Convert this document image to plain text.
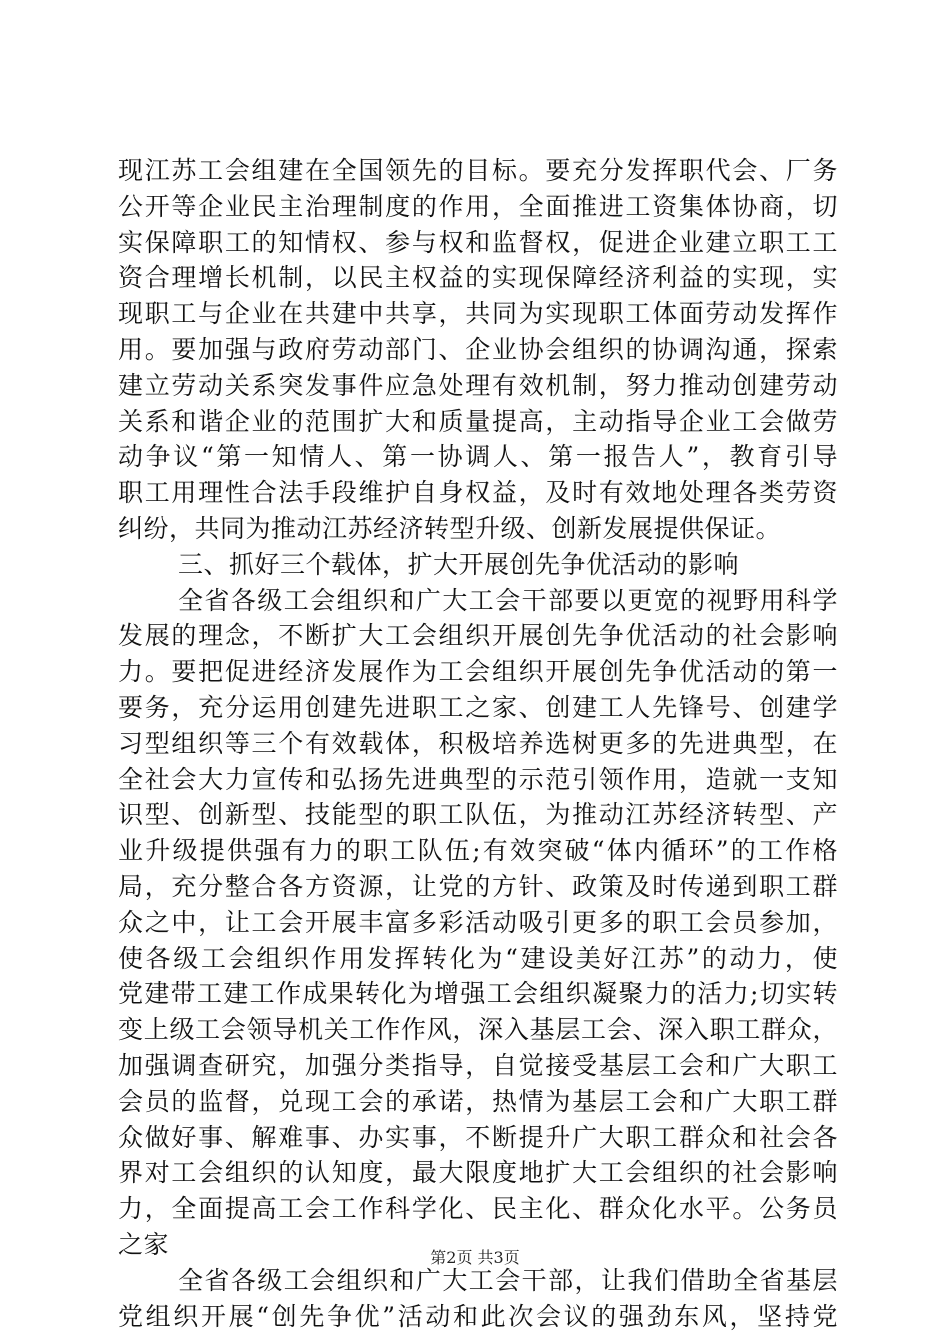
现江苏工会组建在全国领先的目标。要充分发挥职代会、厂务
公开等企业民主治理制度的作用，全面推进工资集体协商，切
实保障职工的知情权、参与权和监督权，促进企业建立职工工
资合理增长机制，以民主权益的实现保障经济利益的实现，实
现职工与企业在共建中共享，共同为实现职工体面劳动发挥作
用。要加强与政府劳动部门、企业协会组织的协调沟通，探索
建立劳动关系突发事件应急处理有效机制，努力推动创建劳动
关系和谐企业的范围扩大和质量提高，主动指导企业工会做劳
动争议“第一知情人、第一协调人、第一报告人”，教育引导
职工用理性合法手段维护自身权益，及时有效地处理各类劳资
纠纷，共同为推动江苏经济转型升级、创新发展提供保证。
三、抓好三个载体，扩大开展创先争优活动的影响
全省各级工会组织和广大工会干部要以更宽的视野用科学
发展的理念，不断扩大工会组织开展创先争优活动的社会影响
力。要把促进经济发展作为工会组织开展创先争优活动的第一
要务，充分运用创建先进职工之家、创建工人先锋号、创建学
习型组织等三个有效载体，积极培养选树更多的先进典型，在
全社会大力宣传和弘扬先进典型的示范引领作用，造就一支知
识型、创新型、技能型的职工队伍，为推动江苏经济转型、产
业升级提供强有力的职工队伍;有效突破“体内循环”的工作格
局，充分整合各方资源，让党的方针、政策及时传递到职工群
众之中，让工会开展丰富多彩活动吸引更多的职工会员参加，
使各级工会组织作用发挥转化为“建设美好江苏”的动力，使
党建带工建工作成果转化为增强工会组织凝聚力的活力;切实转
变上级工会领导机关工作作风，深入基层工会、深入职工群众，
加强调查研究，加强分类指导，自觉接受基层工会和广大职工
会员的监督，兑现工会的承诺，热情为基层工会和广大职工群
众做好事、解难事、办实事，不断提升广大职工群众和社会各
界对工会组织的认知度，最大限度地扩大工会组织的社会影响
力，全面提高工会工作科学化、民主化、群众化水平。公务员
之家
全省各级工会组织和广大工会干部，让我们借助全省基层
党组织开展“创先争优”活动和此次会议的强劲东风，坚持党
第2页 共3页
